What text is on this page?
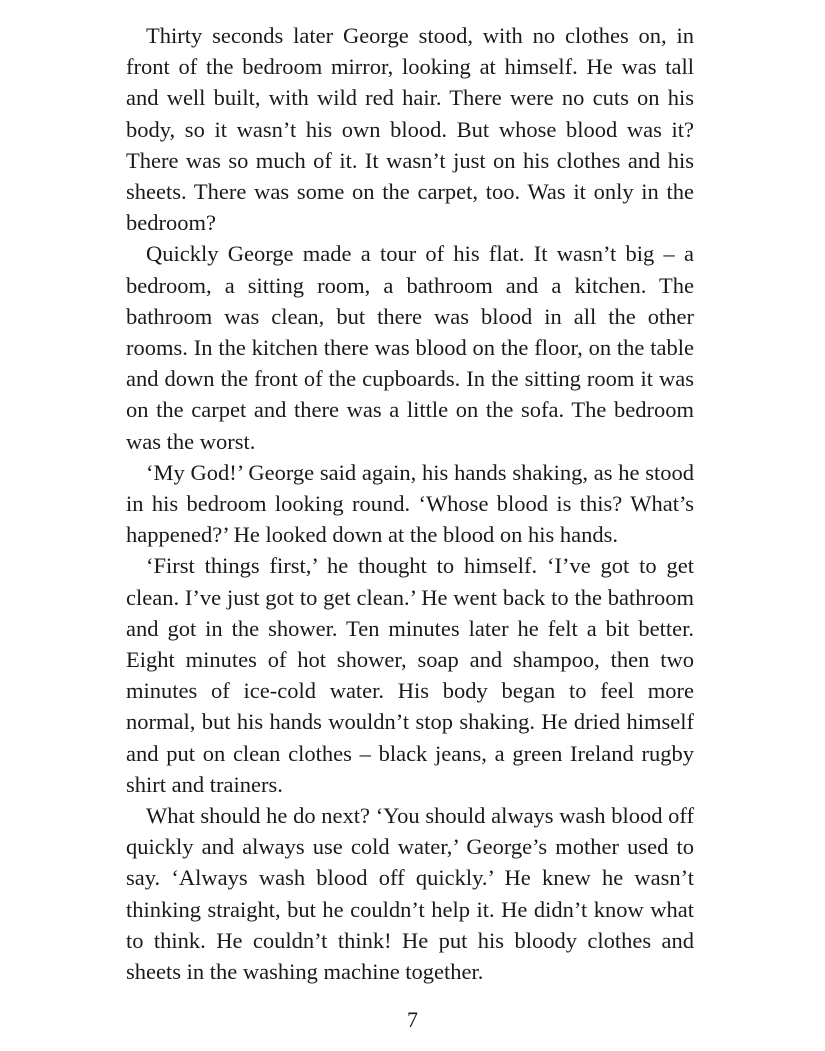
Thirty seconds later George stood, with no clothes on, in front of the bedroom mirror, looking at himself. He was tall and well built, with wild red hair. There were no cuts on his body, so it wasn’t his own blood. But whose blood was it? There was so much of it. It wasn’t just on his clothes and his sheets. There was some on the carpet, too. Was it only in the bedroom?

Quickly George made a tour of his flat. It wasn’t big – a bedroom, a sitting room, a bathroom and a kitchen. The bathroom was clean, but there was blood in all the other rooms. In the kitchen there was blood on the floor, on the table and down the front of the cupboards. In the sitting room it was on the carpet and there was a little on the sofa. The bedroom was the worst.

‘My God!’ George said again, his hands shaking, as he stood in his bedroom looking round. ‘Whose blood is this? What’s happened?’ He looked down at the blood on his hands.

‘First things first,’ he thought to himself. ‘I’ve got to get clean. I’ve just got to get clean.’ He went back to the bathroom and got in the shower. Ten minutes later he felt a bit better. Eight minutes of hot shower, soap and shampoo, then two minutes of ice-cold water. His body began to feel more normal, but his hands wouldn’t stop shaking. He dried himself and put on clean clothes – black jeans, a green Ireland rugby shirt and trainers.

What should he do next? ‘You should always wash blood off quickly and always use cold water,’ George’s mother used to say. ‘Always wash blood off quickly.’ He knew he wasn’t thinking straight, but he couldn’t help it. He didn’t know what to think. He couldn’t think! He put his bloody clothes and sheets in the washing machine together.

7
